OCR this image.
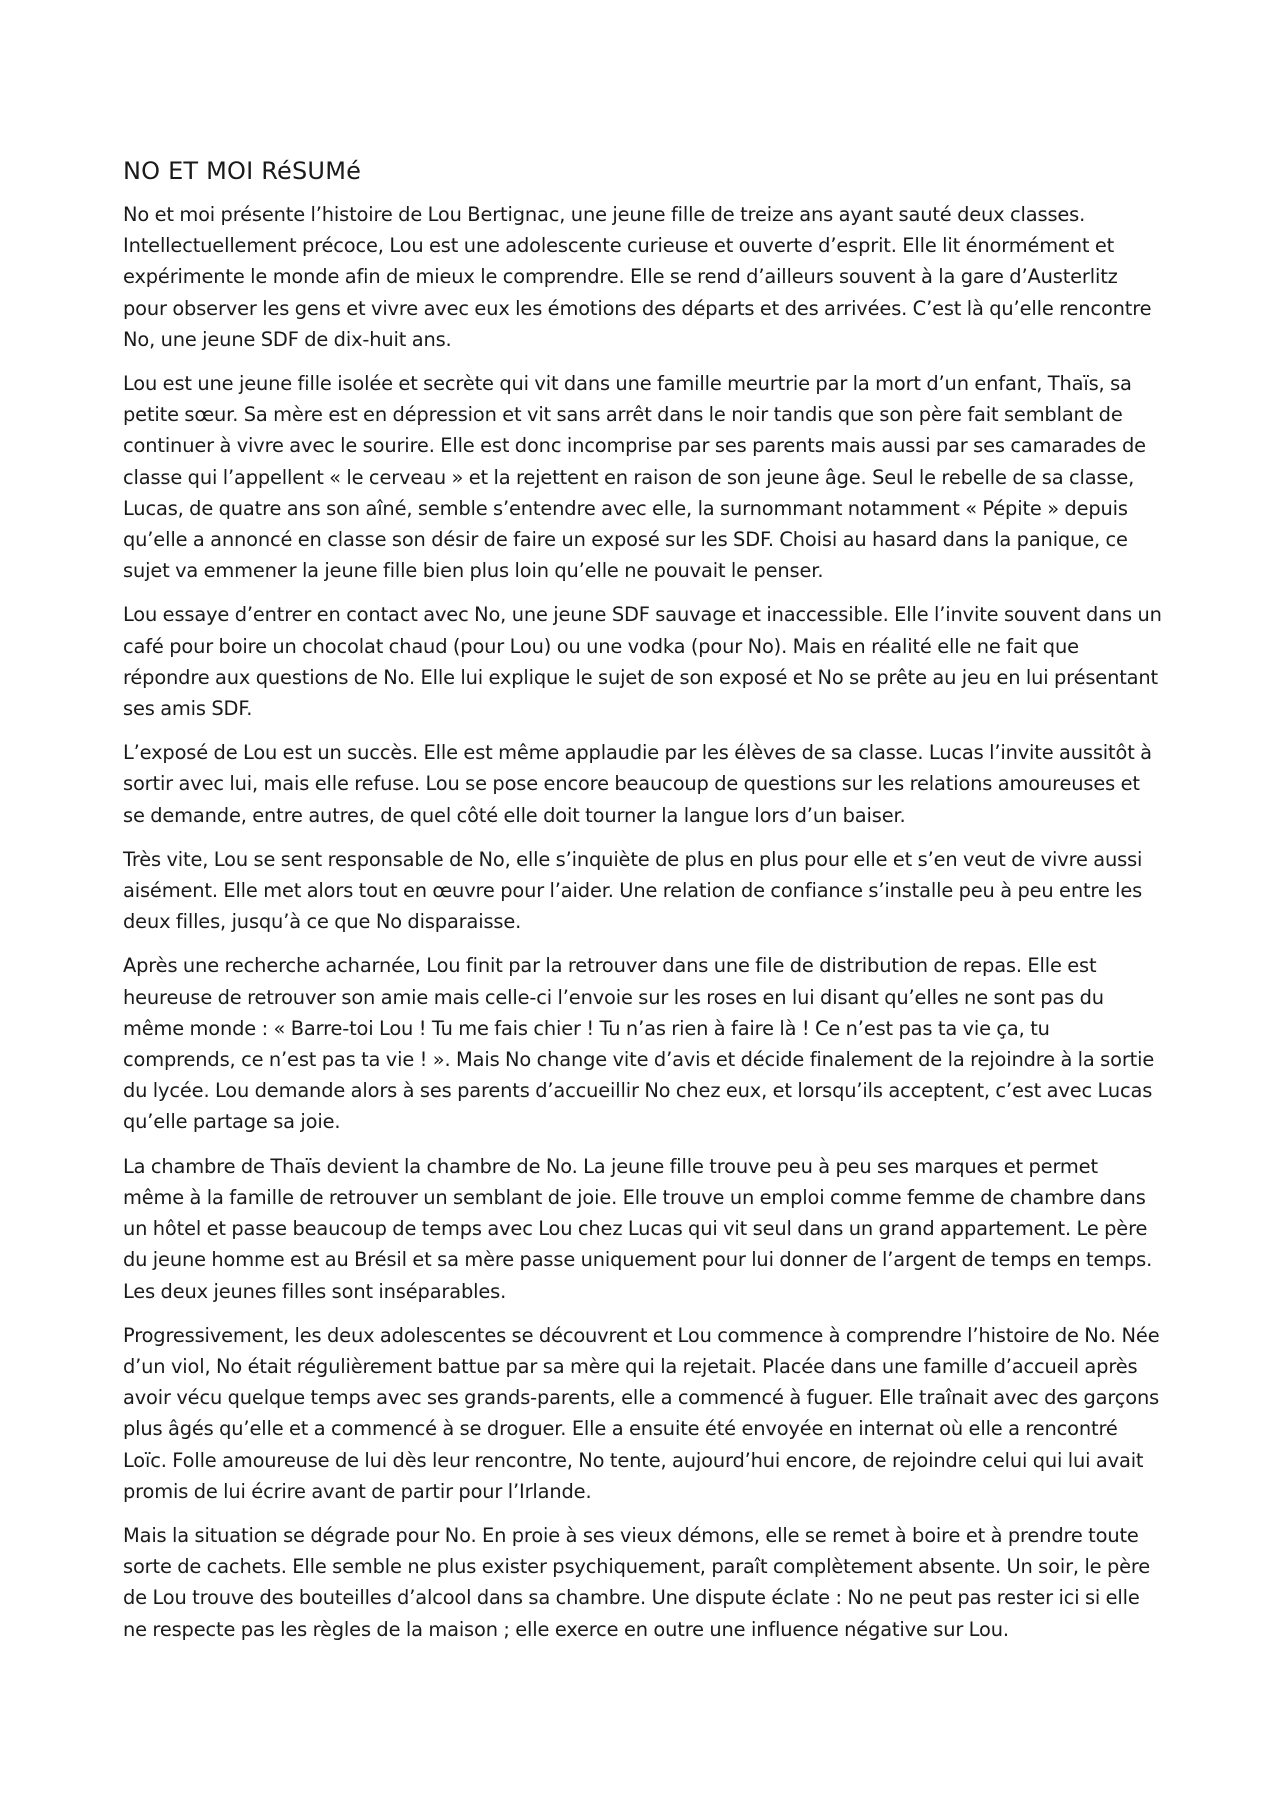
NO ET MOI RéSUMé

No et moi présente l’histoire de Lou Bertignac, une jeune fille de treize ans ayant sauté deux classes. Intellectuellement précoce, Lou est une adolescente curieuse et ouverte d’esprit. Elle lit énormément et expérimente le monde afin de mieux le comprendre. Elle se rend d’ailleurs souvent à la gare d’Austerlitz pour observer les gens et vivre avec eux les émotions des départs et des arrivées. C’est là qu’elle rencontre No, une jeune SDF de dix-huit ans.

Lou est une jeune fille isolée et secrète qui vit dans une famille meurtrie par la mort d’un enfant, Thaïs, sa petite sœur. Sa mère est en dépression et vit sans arrêt dans le noir tandis que son père fait semblant de continuer à vivre avec le sourire. Elle est donc incomprise par ses parents mais aussi par ses camarades de classe qui l’appellent « le cerveau » et la rejettent en raison de son jeune âge. Seul le rebelle de sa classe, Lucas, de quatre ans son aîné, semble s’entendre avec elle, la surnommant notamment « Pépite » depuis qu’elle a annoncé en classe son désir de faire un exposé sur les SDF. Choisi au hasard dans la panique, ce sujet va emmener la jeune fille bien plus loin qu’elle ne pouvait le penser.

Lou essaye d’entrer en contact avec No, une jeune SDF sauvage et inaccessible. Elle l’invite souvent dans un café pour boire un chocolat chaud (pour Lou) ou une vodka (pour No). Mais en réalité elle ne fait que répondre aux questions de No. Elle lui explique le sujet de son exposé et No se prête au jeu en lui présentant ses amis SDF.

L’exposé de Lou est un succès. Elle est même applaudie par les élèves de sa classe. Lucas l’invite aussitôt à sortir avec lui, mais elle refuse. Lou se pose encore beaucoup de questions sur les relations amoureuses et se demande, entre autres, de quel côté elle doit tourner la langue lors d’un baiser.

Très vite, Lou se sent responsable de No, elle s’inquiète de plus en plus pour elle et s’en veut de vivre aussi aisément. Elle met alors tout en œuvre pour l’aider. Une relation de confiance s’installe peu à peu entre les deux filles, jusqu’à ce que No disparaisse.

Après une recherche acharnée, Lou finit par la retrouver dans une file de distribution de repas. Elle est heureuse de retrouver son amie mais celle-ci l’envoie sur les roses en lui disant qu’elles ne sont pas du même monde : « Barre-toi Lou ! Tu me fais chier ! Tu n’as rien à faire là ! Ce n’est pas ta vie ça, tu comprends, ce n’est pas ta vie ! ». Mais No change vite d’avis et décide finalement de la rejoindre à la sortie du lycée. Lou demande alors à ses parents d’accueillir No chez eux, et lorsqu’ils acceptent, c’est avec Lucas qu’elle partage sa joie.

La chambre de Thaïs devient la chambre de No. La jeune fille trouve peu à peu ses marques et permet même à la famille de retrouver un semblant de joie. Elle trouve un emploi comme femme de chambre dans un hôtel et passe beaucoup de temps avec Lou chez Lucas qui vit seul dans un grand appartement. Le père du jeune homme est au Brésil et sa mère passe uniquement pour lui donner de l’argent de temps en temps. Les deux jeunes filles sont inséparables.

Progressivement, les deux adolescentes se découvrent et Lou commence à comprendre l’histoire de No. Née d’un viol, No était régulièrement battue par sa mère qui la rejetait. Placée dans une famille d’accueil après avoir vécu quelque temps avec ses grands-parents, elle a commencé à fuguer. Elle traînait avec des garçons plus âgés qu’elle et a commencé à se droguer. Elle a ensuite été envoyée en internat où elle a rencontré Loïc. Folle amoureuse de lui dès leur rencontre, No tente, aujourd’hui encore, de rejoindre celui qui lui avait promis de lui écrire avant de partir pour l’Irlande.

Mais la situation se dégrade pour No. En proie à ses vieux démons, elle se remet à boire et à prendre toute sorte de cachets. Elle semble ne plus exister psychiquement, paraît complètement absente. Un soir, le père de Lou trouve des bouteilles d’alcool dans sa chambre. Une dispute éclate : No ne peut pas rester ici si elle ne respecte pas les règles de la maison ; elle exerce en outre une influence négative sur Lou.
